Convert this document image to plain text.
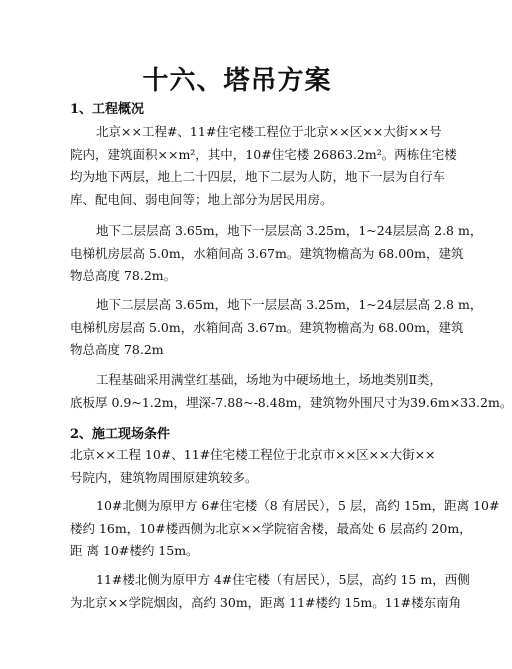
十六、塔吊方案
1、工程概况
北京××工程#、11#住宅楼工程位于北京××区××大街××号
院内，建筑面积××m²，其中，10#住宅楼 26863.2m²。两栋住宅楼
均为地下两层，地上二十四层，地下二层为人防，地下一层为自行车
库、配电间、弱电间等；地上部分为居民用房。
地下二层层高 3.65m，地下一层层高 3.25m，1~24层层高 2.8 m，
电梯机房层高 5.0m，水箱间高 3.67m。建筑物檐高为 68.00m，建筑
物总高度 78.2m。
地下二层层高 3.65m，地下一层层高 3.25m，1~24层层高 2.8 m，
电梯机房层高 5.0m，水箱间高 3.67m。建筑物檐高为 68.00m，建筑
物总高度 78.2m
工程基础采用满堂红基础，场地为中硬场地土，场地类别Ⅱ类，
底板厚 0.9~1.2m，埋深-7.88~-8.48m，建筑物外围尺寸为39.6m×33.2m。
2、施工现场条件
北京××工程 10#、11#住宅楼工程位于北京市××区××大街××
号院内，建筑物周围原建筑较多。
10#北侧为原甲方 6#住宅楼（8 有居民），5 层，高约 15m，距离 10#
楼约 16m，10#楼西侧为北京××学院宿舍楼，最高处 6 层高约 20m，
距 离 10#楼约 15m。
11#楼北侧为原甲方 4#住宅楼（有居民），5层，高约 15 m，西侧
为北京××学院烟囱，高约 30m，距离 11#楼约 15m。11#楼东南角
